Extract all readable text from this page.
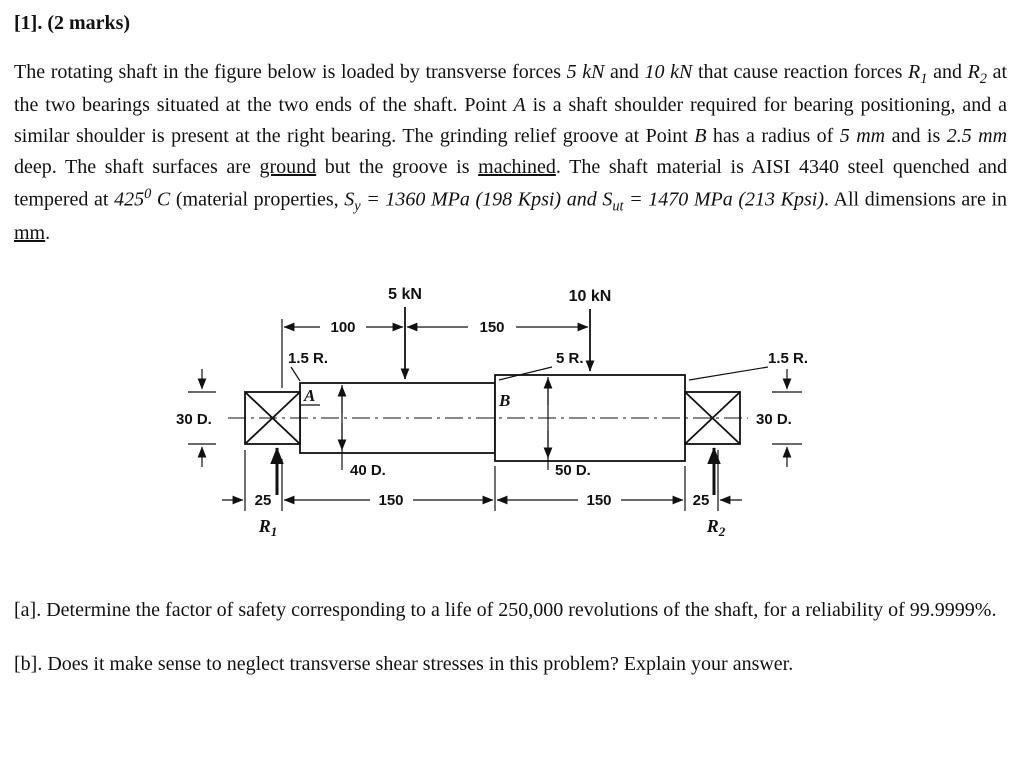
[1]. (2 marks)

The rotating shaft in the figure below is loaded by transverse forces 5 kN and 10 kN that cause reaction forces $R_1$ and $R_2$ at the two bearings situated at the two ends of the shaft. Point A is a shaft shoulder required for bearing positioning, and a similar shoulder is present at the right bearing. The grinding relief groove at Point B has a radius of 5 mm and is 2.5 mm deep. The shaft surfaces are ground but the groove is machined. The shaft material is AISI 4340 steel quenched and tempered at $425^0$ C (material properties, $S_y = 1360$ MPa (198 Kpsi) and $S_{ut} = 1470$ MPa (213 Kpsi). All dimensions are in mm.

A	B
5 kN	10 kN
100	150
1.5 R.	5 R.	1.5 R.
30 D.	30 D.
40 D.	50 D.
25	150	150	25
$R_1$	$R_2$

[a]. Determine the factor of safety corresponding to a life of 250,000 revolutions of the shaft, for a reliability of 99.9999%.

[b]. Does it make sense to neglect transverse shear stresses in this problem? Explain your answer.
